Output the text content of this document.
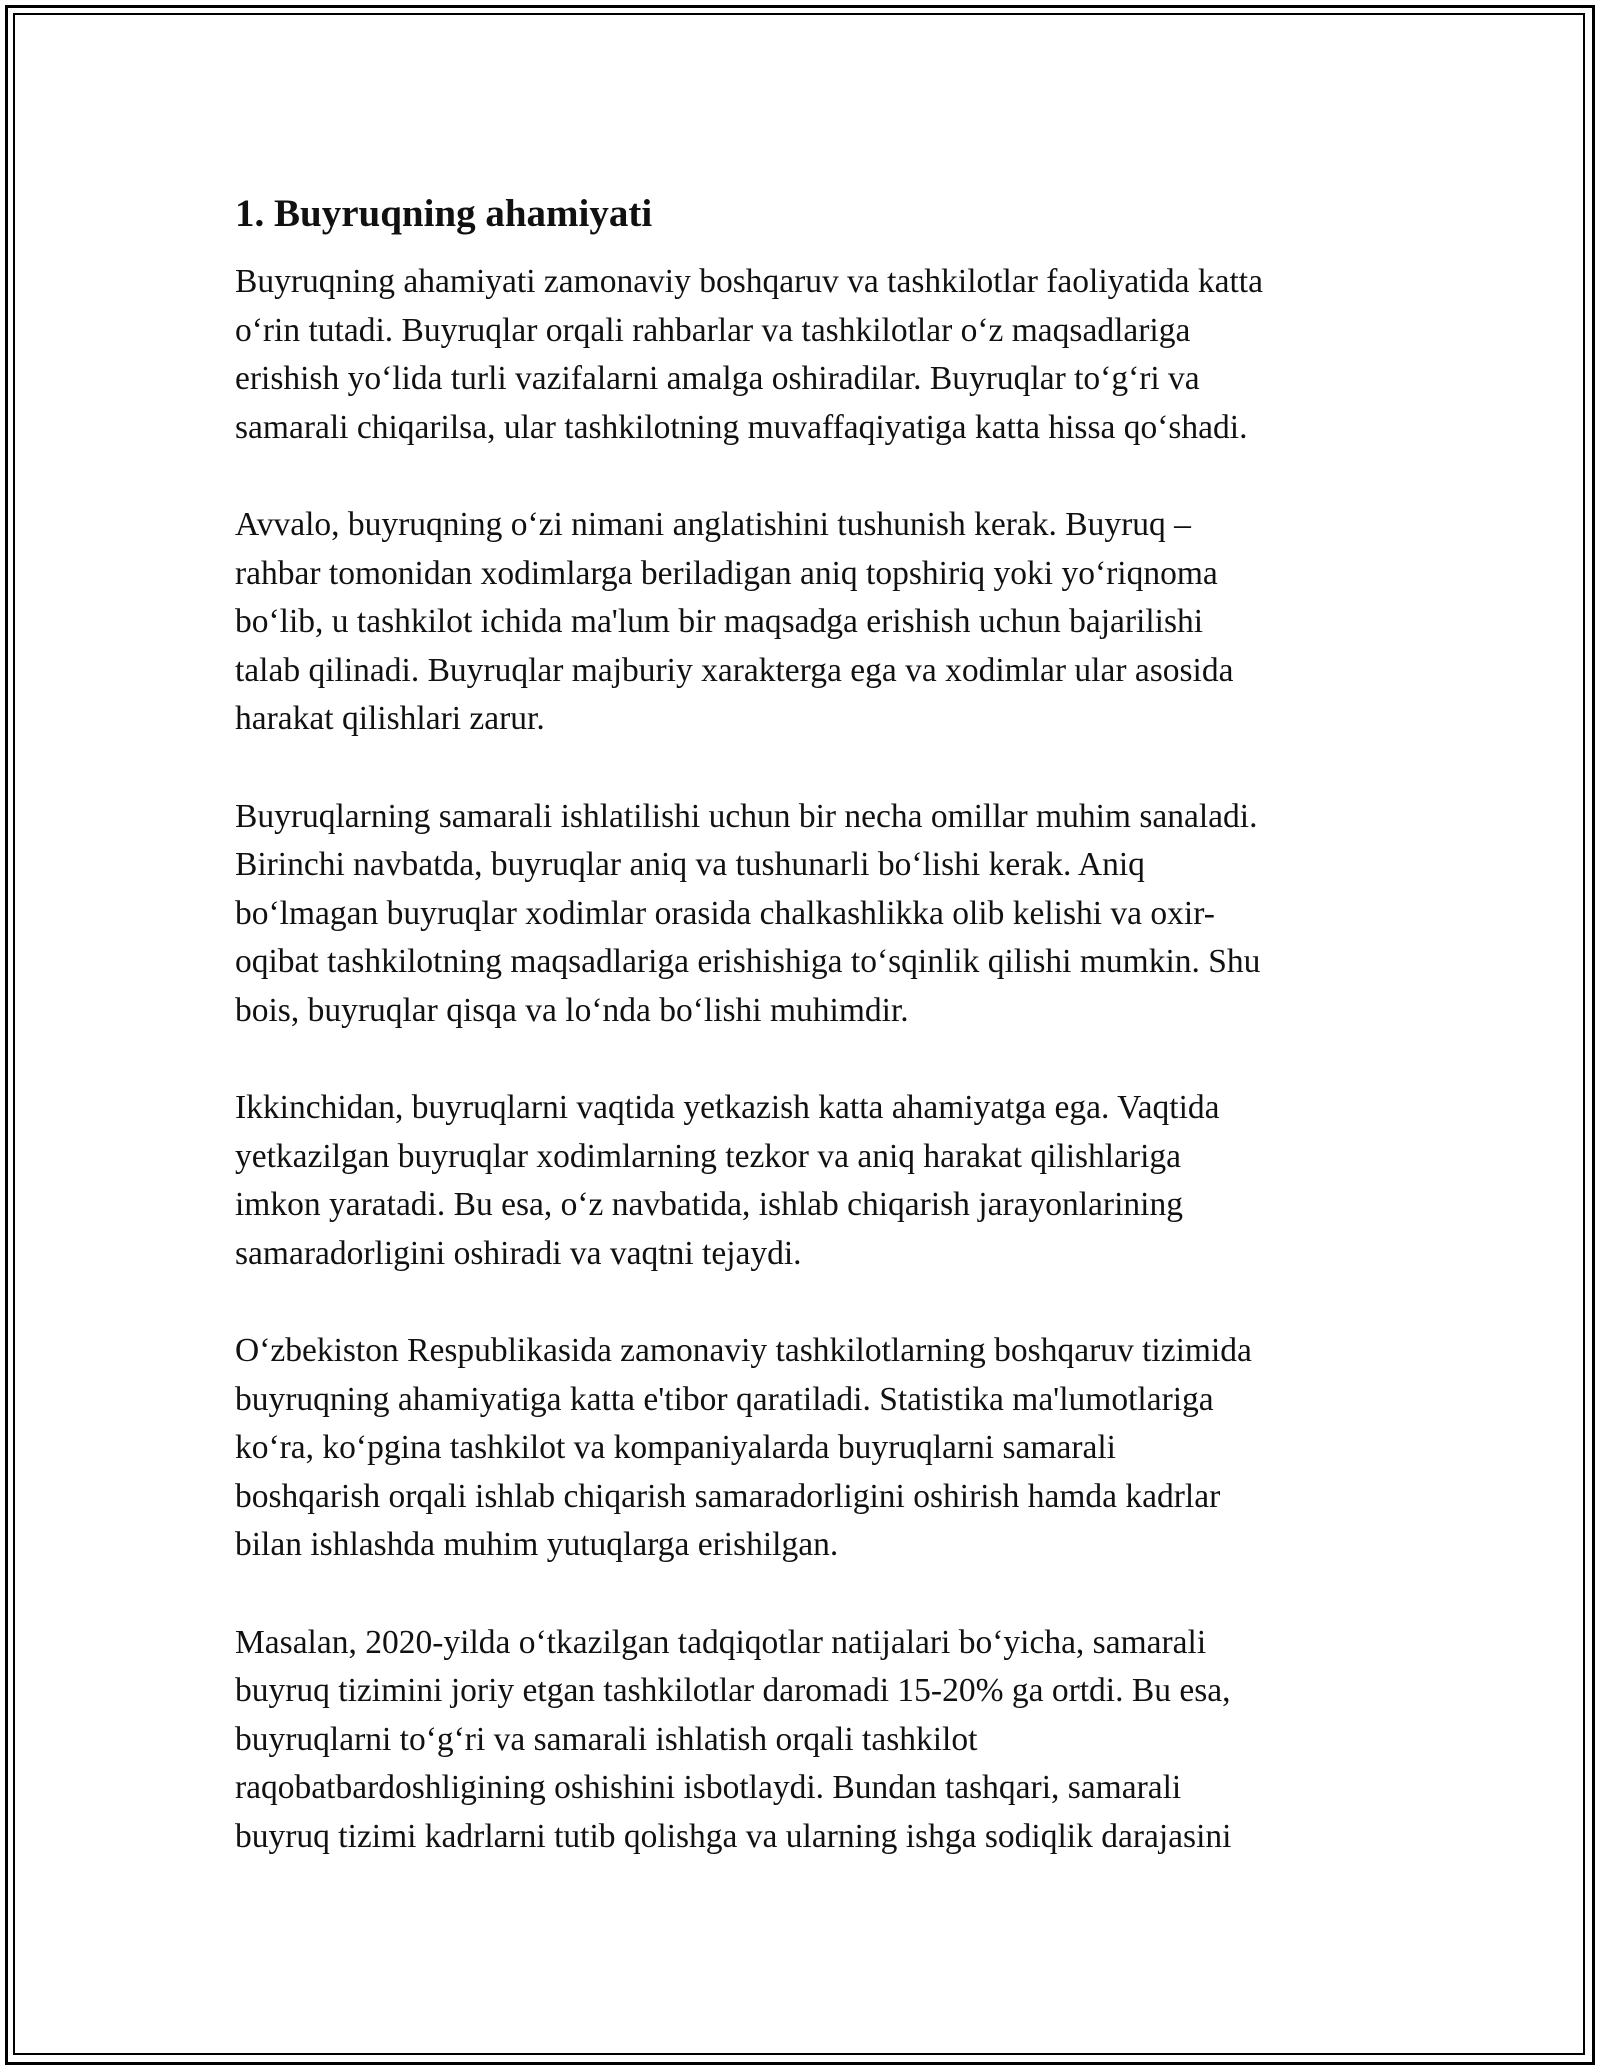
1. Buyruqning ahamiyati

Buyruqning ahamiyati zamonaviy boshqaruv va tashkilotlar faoliyatida katta
o‘rin tutadi. Buyruqlar orqali rahbarlar va tashkilotlar o‘z maqsadlariga
erishish yo‘lida turli vazifalarni amalga oshiradilar. Buyruqlar to‘g‘ri va
samarali chiqarilsa, ular tashkilotning muvaffaqiyatiga katta hissa qo‘shadi.

Avvalo, buyruqning o‘zi nimani anglatishini tushunish kerak. Buyruq –
rahbar tomonidan xodimlarga beriladigan aniq topshiriq yoki yo‘riqnoma
bo‘lib, u tashkilot ichida ma'lum bir maqsadga erishish uchun bajarilishi
talab qilinadi. Buyruqlar majburiy xarakterga ega va xodimlar ular asosida
harakat qilishlari zarur.

Buyruqlarning samarali ishlatilishi uchun bir necha omillar muhim sanaladi.
Birinchi navbatda, buyruqlar aniq va tushunarli bo‘lishi kerak. Aniq
bo‘lmagan buyruqlar xodimlar orasida chalkashlikka olib kelishi va oxir-
oqibat tashkilotning maqsadlariga erishishiga to‘sqinlik qilishi mumkin. Shu
bois, buyruqlar qisqa va lo‘nda bo‘lishi muhimdir.

Ikkinchidan, buyruqlarni vaqtida yetkazish katta ahamiyatga ega. Vaqtida
yetkazilgan buyruqlar xodimlarning tezkor va aniq harakat qilishlariga
imkon yaratadi. Bu esa, o‘z navbatida, ishlab chiqarish jarayonlarining
samaradorligini oshiradi va vaqtni tejaydi.

O‘zbekiston Respublikasida zamonaviy tashkilotlarning boshqaruv tizimida
buyruqning ahamiyatiga katta e'tibor qaratiladi. Statistika ma'lumotlariga
ko‘ra, ko‘pgina tashkilot va kompaniyalarda buyruqlarni samarali
boshqarish orqali ishlab chiqarish samaradorligini oshirish hamda kadrlar
bilan ishlashda muhim yutuqlarga erishilgan.

Masalan, 2020-yilda o‘tkazilgan tadqiqotlar natijalari bo‘yicha, samarali
buyruq tizimini joriy etgan tashkilotlar daromadi 15-20% ga ortdi. Bu esa,
buyruqlarni to‘g‘ri va samarali ishlatish orqali tashkilot
raqobatbardoshligining oshishini isbotlaydi. Bundan tashqari, samarali
buyruq tizimi kadrlarni tutib qolishga va ularning ishga sodiqlik darajasini
